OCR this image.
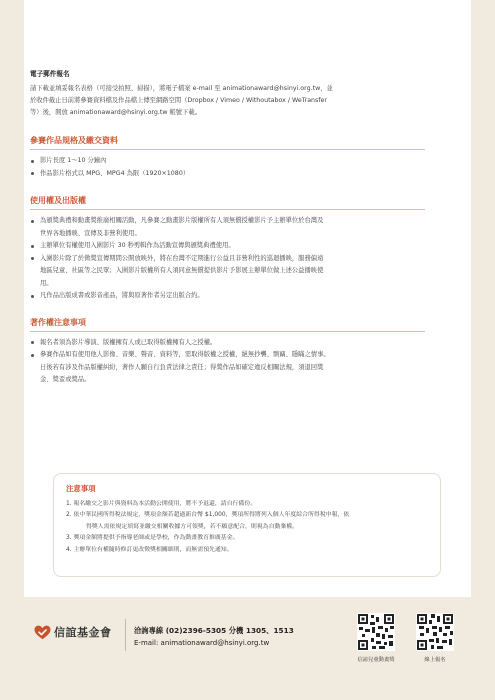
電子郵件報名
請下載並填妥報名表格（可接受拍照、掃描），將電子檔案 e-mail 至 animationaward@hsinyi.org.tw，並
於收件截止日前將參賽資料檔及作品檔上傳至網路空間（Dropbox / Vimeo / Withoutabox / WeTransfer
等）後，開放 animationaward@hsinyi.org.tw 帳號下載。
參賽作品規格及繳交資料
影片長度 1～10 分鐘內
作品影片格式以 MPG、MPG4 為限（1920×1080）
使用權及出版權
為頒獎典禮和動畫獎推廣相關活動，凡參賽之動畫影片版權所有人須無償授權影片予主辦單位於台灣及
世界各地播映、宣傳及非營利使用。
主辦單位有權使用入圍影片 30 秒剪輯作為活動宣傳與頒獎典禮使用。
入圍影片除了於徵獎宣傳期間公開放映外，將在台灣不定期進行公益且非營利性的巡迴播映，服務偏遠
地區兒童、社區等之民眾；入圍影片版權所有人須同意無償提供影片予影展主辦單位做上述公益播映使
用。
凡作品出版成書或影音產品，將與原著作者另定出版合約。
著作權注意事項
報名者須為影片導演、版權擁有人或已取得版權擁有人之授權。
參賽作品如有使用他人影像、音樂、聲音、資料等，需取得版權之授權，絕無抄襲、剽竊、隱瞞之情事。
日後若有涉及作品版權糾紛，著作人願自行負責法律之責任；得獎作品如確定違反相關法規，須退回獎
金、獎盃或獎品。
注意事項
1. 報名繳交之影片與資料為本活動公開使用，將不予退還，請自行備份。
2. 依中華民國所得稅法規定，獎項金額若超過新台幣 $1,000，獎項所得將列入個人年度綜合所得稅申報，依
得獎人需依規定填寫並繳交相關收據方可領獎，若不願意配合，則視為自動棄權。
3. 獎項金額將提供予指導老師或是學校，作為動畫教育推廣基金。
4. 主辦單位有權隨時修訂更改徵獎相關細則，而無需預先通知。
信誼基金會	洽詢專線 (02)2396-5305 分機 1305、1513
E-mail: animationaward@hsinyi.org.tw
信誼兒童動畫獎	線上報名
